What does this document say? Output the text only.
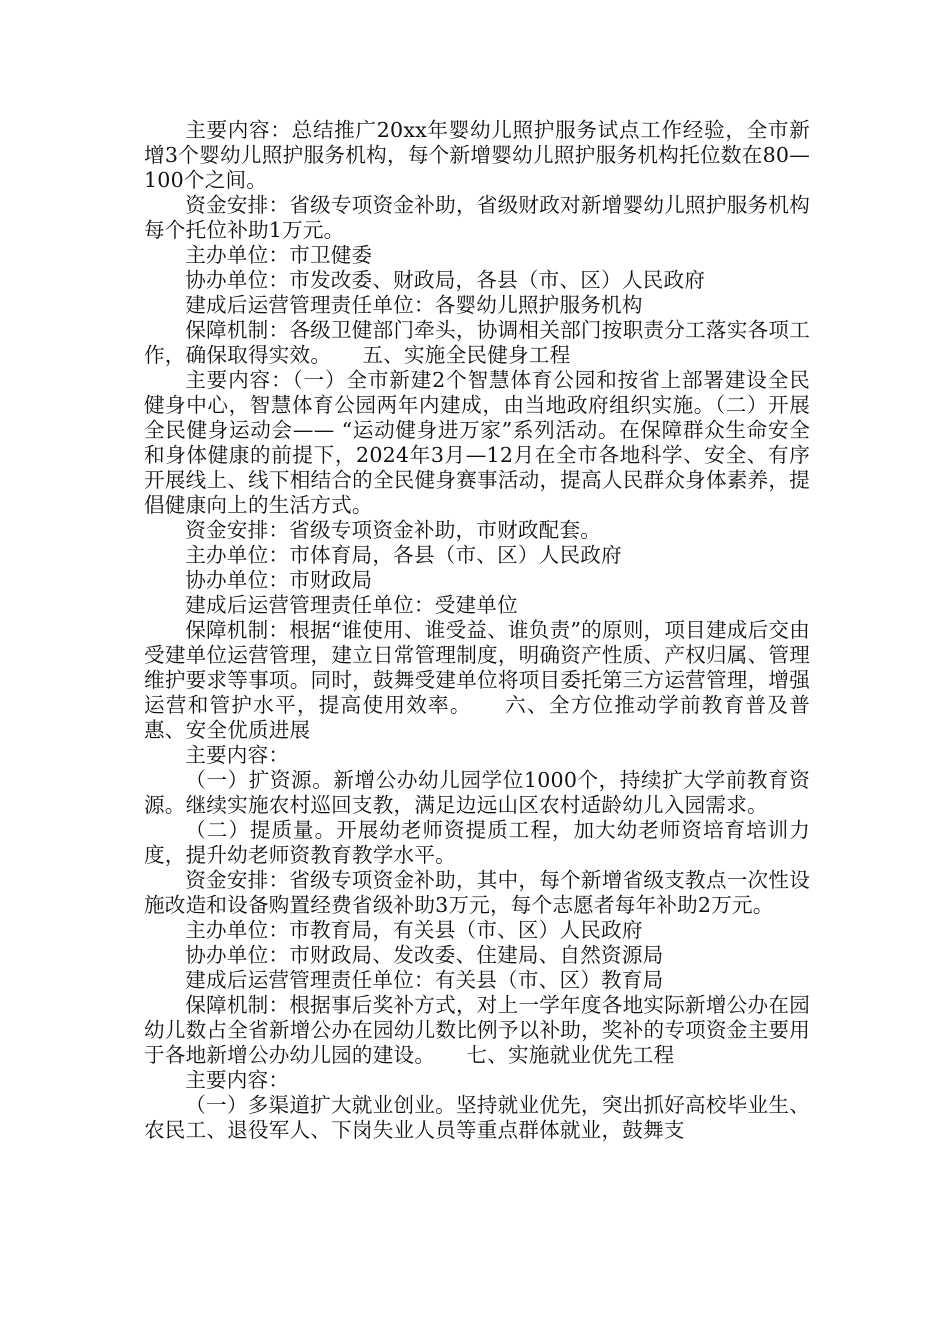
主要内容：总结推广20xx年婴幼儿照护服务试点工作经验，全市新增3个婴幼儿照护服务机构，每个新增婴幼儿照护服务机构托位数在80—100个之间。

资金安排：省级专项资金补助，省级财政对新增婴幼儿照护服务机构每个托位补助1万元。

主办单位：市卫健委

协办单位：市发改委、财政局，各县（市、区）人民政府

建成后运营管理责任单位：各婴幼儿照护服务机构

保障机制：各级卫健部门牵头，协调相关部门按职责分工落实各项工作，确保取得实效。　　五、实施全民健身工程

主要内容：（一）全市新建2个智慧体育公园和按省上部署建设全民健身中心，智慧体育公园两年内建成，由当地政府组织实施。（二）开展全民健身运动会—— “运动健身进万家”系列活动。在保障群众生命安全和身体健康的前提下，2024年3月—12月在全市各地科学、安全、有序开展线上、线下相结合的全民健身赛事活动，提高人民群众身体素养，提倡健康向上的生活方式。

资金安排：省级专项资金补助，市财政配套。

主办单位：市体育局，各县（市、区）人民政府

协办单位：市财政局

建成后运营管理责任单位：受建单位

保障机制：根据“谁使用、谁受益、谁负责”的原则，项目建成后交由受建单位运营管理，建立日常管理制度，明确资产性质、产权归属、管理维护要求等事项。同时，鼓舞受建单位将项目委托第三方运营管理，增强运营和管护水平，提高使用效率。　　六、全方位推动学前教育普及普惠、安全优质进展

主要内容：

（一）扩资源。新增公办幼儿园学位1000个，持续扩大学前教育资源。继续实施农村巡回支教，满足边远山区农村适龄幼儿入园需求。

（二）提质量。开展幼老师资提质工程，加大幼老师资培育培训力度，提升幼老师资教育教学水平。

资金安排：省级专项资金补助，其中，每个新增省级支教点一次性设施改造和设备购置经费省级补助3万元，每个志愿者每年补助2万元。

主办单位：市教育局，有关县（市、区）人民政府

协办单位：市财政局、发改委、住建局、自然资源局

建成后运营管理责任单位：有关县（市、区）教育局

保障机制：根据事后奖补方式，对上一学年度各地实际新增公办在园幼儿数占全省新增公办在园幼儿数比例予以补助，奖补的专项资金主要用于各地新增公办幼儿园的建设。　　七、实施就业优先工程

主要内容：

（一）多渠道扩大就业创业。坚持就业优先，突出抓好高校毕业生、农民工、退役军人、下岗失业人员等重点群体就业，鼓舞支
